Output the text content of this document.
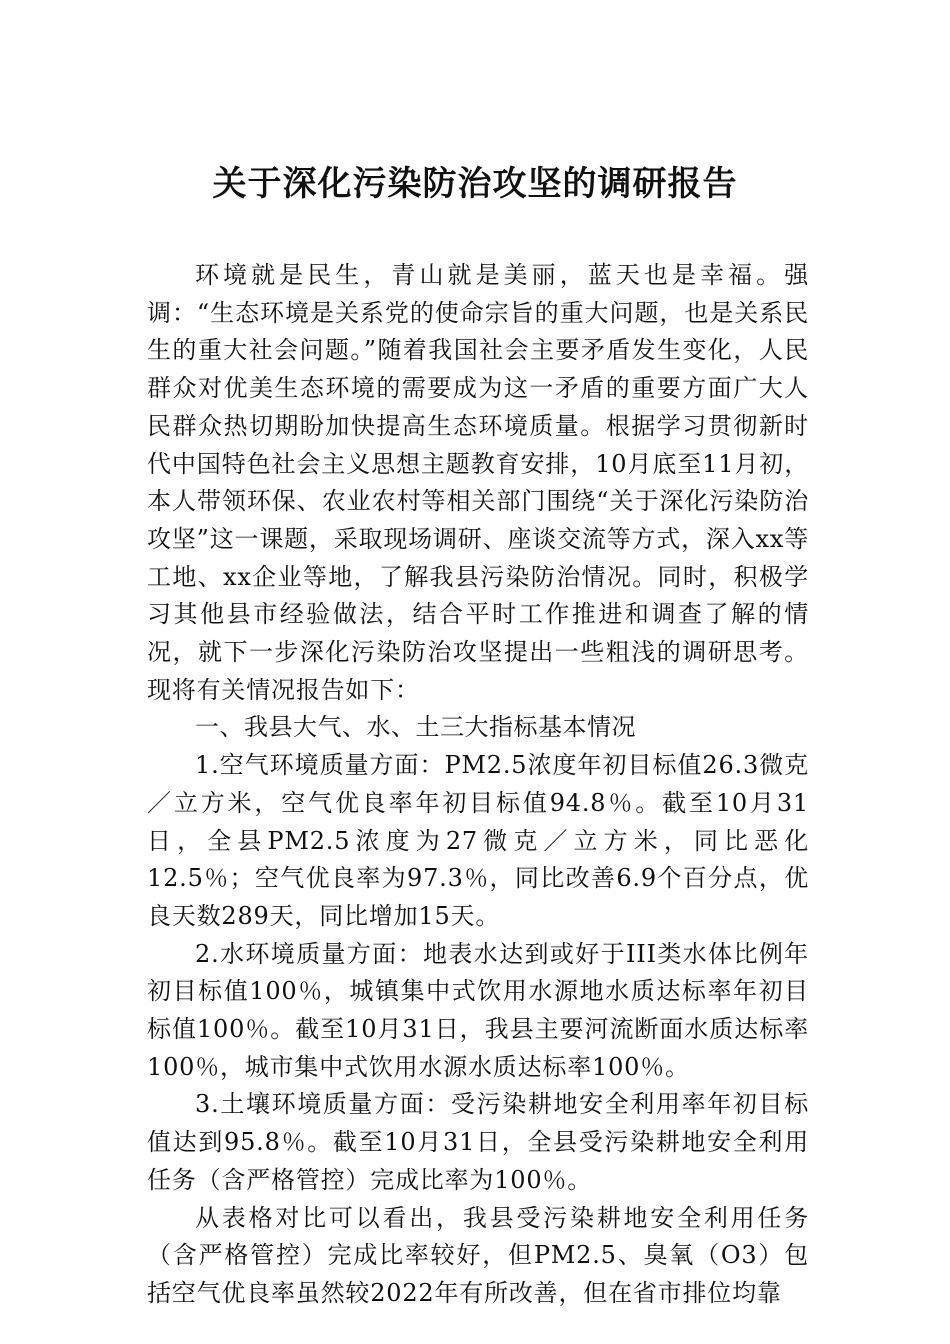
关于深化污染防治攻坚的调研报告

环境就是民生，青山就是美丽，蓝天也是幸福。强调：“生态环境是关系党的使命宗旨的重大问题，也是关系民生的重大社会问题。”随着我国社会主要矛盾发生变化，人民群众对优美生态环境的需要成为这一矛盾的重要方面广大人民群众热切期盼加快提高生态环境质量。根据学习贯彻新时代中国特色社会主义思想主题教育安排，10月底至11月初，本人带领环保、农业农村等相关部门围绕“关于深化污染防治攻坚”这一课题，采取现场调研、座谈交流等方式，深入xx等工地、xx企业等地，了解我县污染防治情况。同时，积极学习其他县市经验做法，结合平时工作推进和调查了解的情况，就下一步深化污染防治攻坚提出一些粗浅的调研思考。现将有关情况报告如下：

一、我县大气、水、土三大指标基本情况

1.空气环境质量方面：PM2.5浓度年初目标值26.3微克／立方米，空气优良率年初目标值94.8％。截至10月31日，全县PM2.5浓度为27微克／立方米，同比恶化12.5％；空气优良率为97.3％，同比改善6.9个百分点，优良天数289天，同比增加15天。

2.水环境质量方面：地表水达到或好于III类水体比例年初目标值100％，城镇集中式饮用水源地水质达标率年初目标值100％。截至10月31日，我县主要河流断面水质达标率100％，城市集中式饮用水源水质达标率100％。

3.土壤环境质量方面：受污染耕地安全利用率年初目标值达到95.8％。截至10月31日，全县受污染耕地安全利用任务（含严格管控）完成比率为100％。

从表格对比可以看出，我县受污染耕地安全利用任务（含严格管控）完成比率较好，但PM2.5、臭氧（O3）包括空气优良率虽然较2022年有所改善，但在省市排位均靠
